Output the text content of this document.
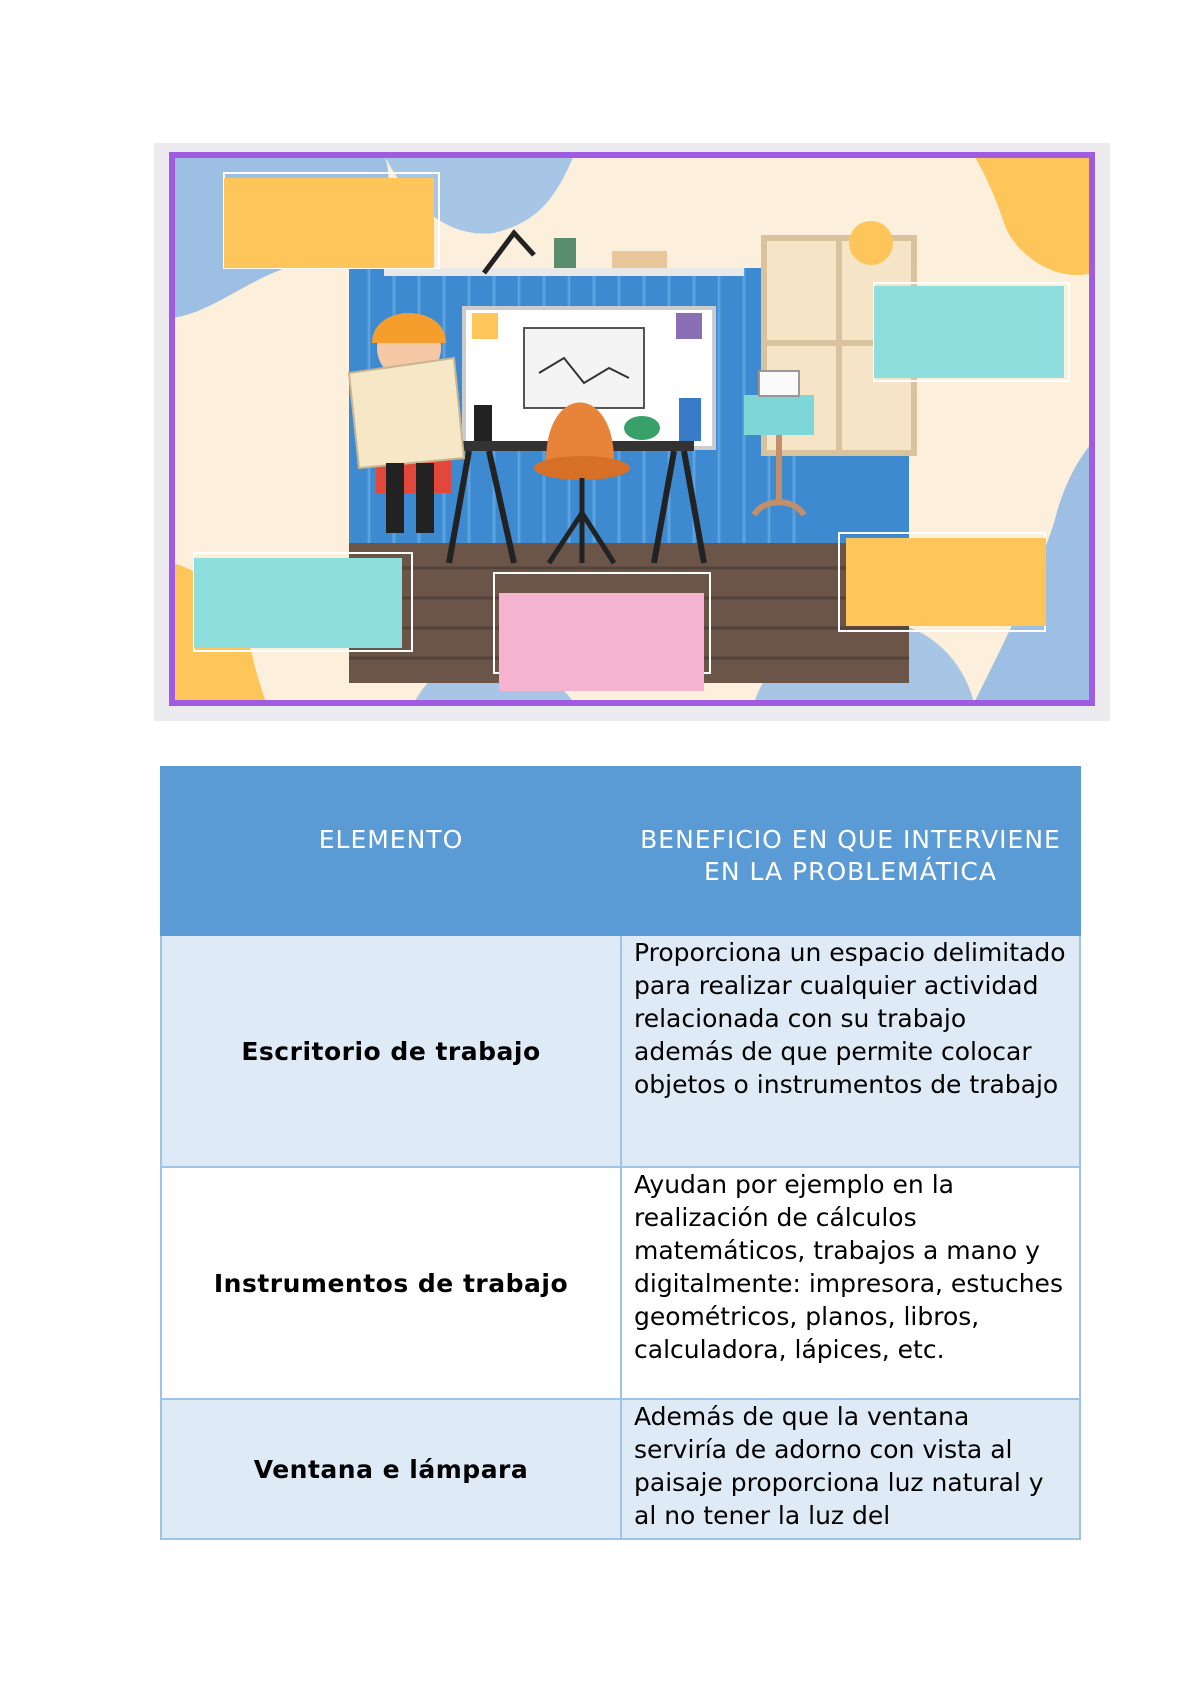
ELEMENTO	BENEFICIO EN QUE INTERVIENE EN LA PROBLEMÁTICA
Escritorio de trabajo	Proporciona un espacio delimitado para realizar cualquier actividad relacionada con su trabajo además de que permite colocar objetos o instrumentos de trabajo
Instrumentos de trabajo	Ayudan por ejemplo en la realización de cálculos matemáticos, trabajos a mano y digitalmente: impresora, estuches geométricos, planos, libros, calculadora, lápices, etc.
Ventana e lámpara	Además de que la ventana serviría de adorno con vista al paisaje proporciona luz natural y al no tener la luz del
